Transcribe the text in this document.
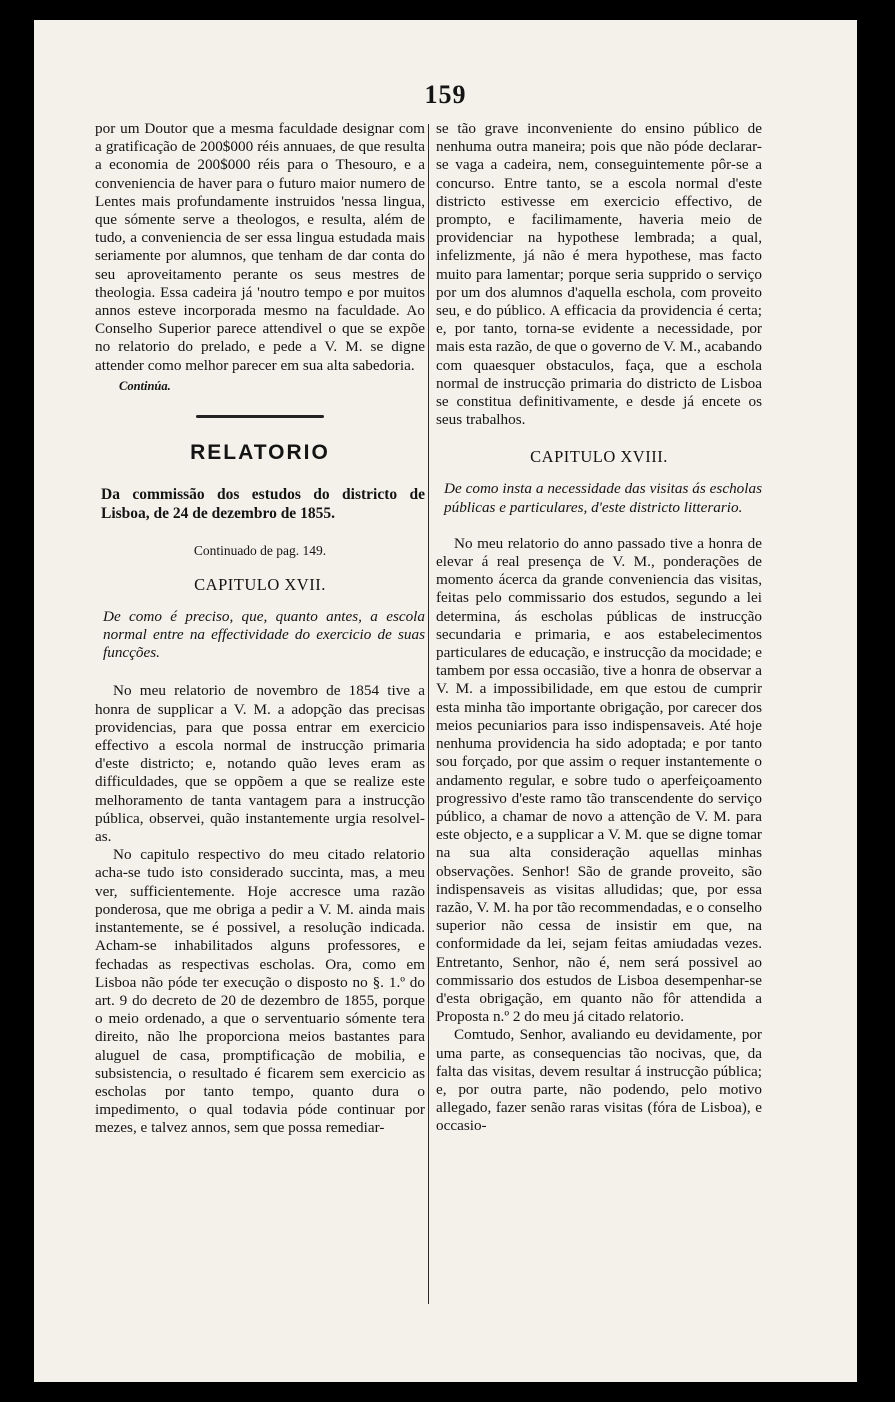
159

por um Doutor que a mesma faculdade designar com a gratificação de 200$000 réis annuaes, de que resulta a economia de 200$000 réis para o Thesouro, e a conveniencia de haver para o futuro maior numero de Lentes mais profundamente instruidos 'nessa lingua, que sómente serve a theologos, e resulta, além de tudo, a conveniencia de ser essa lingua estudada mais seriamente por alumnos, que tenham de dar conta do seu aproveitamento perante os seus mestres de theologia. Essa cadeira já 'noutro tempo e por muitos annos esteve incorporada mesmo na faculdade. Ao Conselho Superior parece attendivel o que se expõe no relatorio do prelado, e pede a V. M. se digne attender como melhor parecer em sua alta sabedoria.

Continúa.
RELATORIO
Da commissão dos estudos do districto de Lisboa, de 24 de dezembro de 1855.
Continuado de pag. 149.
CAPITULO XVII.
De como é preciso, que, quanto antes, a escola normal entre na effectividade do exercicio de suas funcções.

No meu relatorio de novembro de 1854 tive a honra de supplicar a V. M. a adopção das precisas providencias, para que possa entrar em exercicio effectivo a escola normal de instrucção primaria d'este districto; e, notando quão leves eram as difficuldades, que se oppõem a que se realize este melhoramento de tanta vantagem para a instrucção pública, observei, quão instantemente urgia resolvel-as.

No capitulo respectivo do meu citado relatorio acha-se tudo isto considerado succinta, mas, a meu ver, sufficientemente. Hoje accresce uma razão ponderosa, que me obriga a pedir a V. M. ainda mais instantemente, se é possivel, a resolução indicada. Acham-se inhabilitados alguns professores, e fechadas as respectivas escholas. Ora, como em Lisboa não póde ter execução o disposto no §. 1.º do art. 9 do decreto de 20 de dezembro de 1855, porque o meio ordenado, a que o serventuario sómente tera direito, não lhe proporciona meios bastantes para aluguel de casa, promptificação de mobilia, e subsistencia, o resultado é ficarem sem exercicio as escholas por tanto tempo, quanto dura o impedimento, o qual todavia póde continuar por mezes, e talvez annos, sem que possa remediar-

se tão grave inconveniente do ensino público de nenhuma outra maneira; pois que não póde declarar-se vaga a cadeira, nem, conseguintemente pôr-se a concurso. Entre tanto, se a escola normal d'este districto estivesse em exercicio effectivo, de prompto, e facilimamente, haveria meio de providenciar na hypothese lembrada; a qual, infelizmente, já não é mera hypothese, mas facto muito para lamentar; porque seria supprido o serviço por um dos alumnos d'aquella eschola, com proveito seu, e do público. A efficacia da providencia é certa; e, por tanto, torna-se evidente a necessidade, por mais esta razão, de que o governo de V. M., acabando com quaesquer obstaculos, faça, que a eschola normal de instrucção primaria do districto de Lisboa se constitua definitivamente, e desde já encete os seus trabalhos.

CAPITULO XVIII.
De como insta a necessidade das visitas ás escholas públicas e particulares, d'este districto litterario.

No meu relatorio do anno passado tive a honra de elevar á real presença de V. M., ponderações de momento ácerca da grande conveniencia das visitas, feitas pelo commissario dos estudos, segundo a lei determina, ás escholas públicas de instrucção secundaria e primaria, e aos estabelecimentos particulares de educação, e instrucção da mocidade; e tambem por essa occasião, tive a honra de observar a V. M. a impossibilidade, em que estou de cumprir esta minha tão importante obrigação, por carecer dos meios pecuniarios para isso indispensaveis. Até hoje nenhuma providencia ha sido adoptada; e por tanto sou forçado, por que assim o requer instantemente o andamento regular, e sobre tudo o aperfeiçoamento progressivo d'este ramo tão transcendente do serviço público, a chamar de novo a attenção de V. M. para este objecto, e a supplicar a V. M. que se digne tomar na sua alta consideração aquellas minhas observações. Senhor! São de grande proveito, são indispensaveis as visitas alludidas; que, por essa razão, V. M. ha por tão recommendadas, e o conselho superior não cessa de insistir em que, na conformidade da lei, sejam feitas amiudadas vezes. Entretanto, Senhor, não é, nem será possivel ao commissario dos estudos de Lisboa desempenhar-se d'esta obrigação, em quanto não fôr attendida a Proposta n.º 2 do meu já citado relatorio.

Comtudo, Senhor, avaliando eu devidamente, por uma parte, as consequencias tão nocivas, que, da falta das visitas, devem resultar á instrucção pública; e, por outra parte, não podendo, pelo motivo allegado, fazer senão raras visitas (fóra de Lisboa), e occasio-
